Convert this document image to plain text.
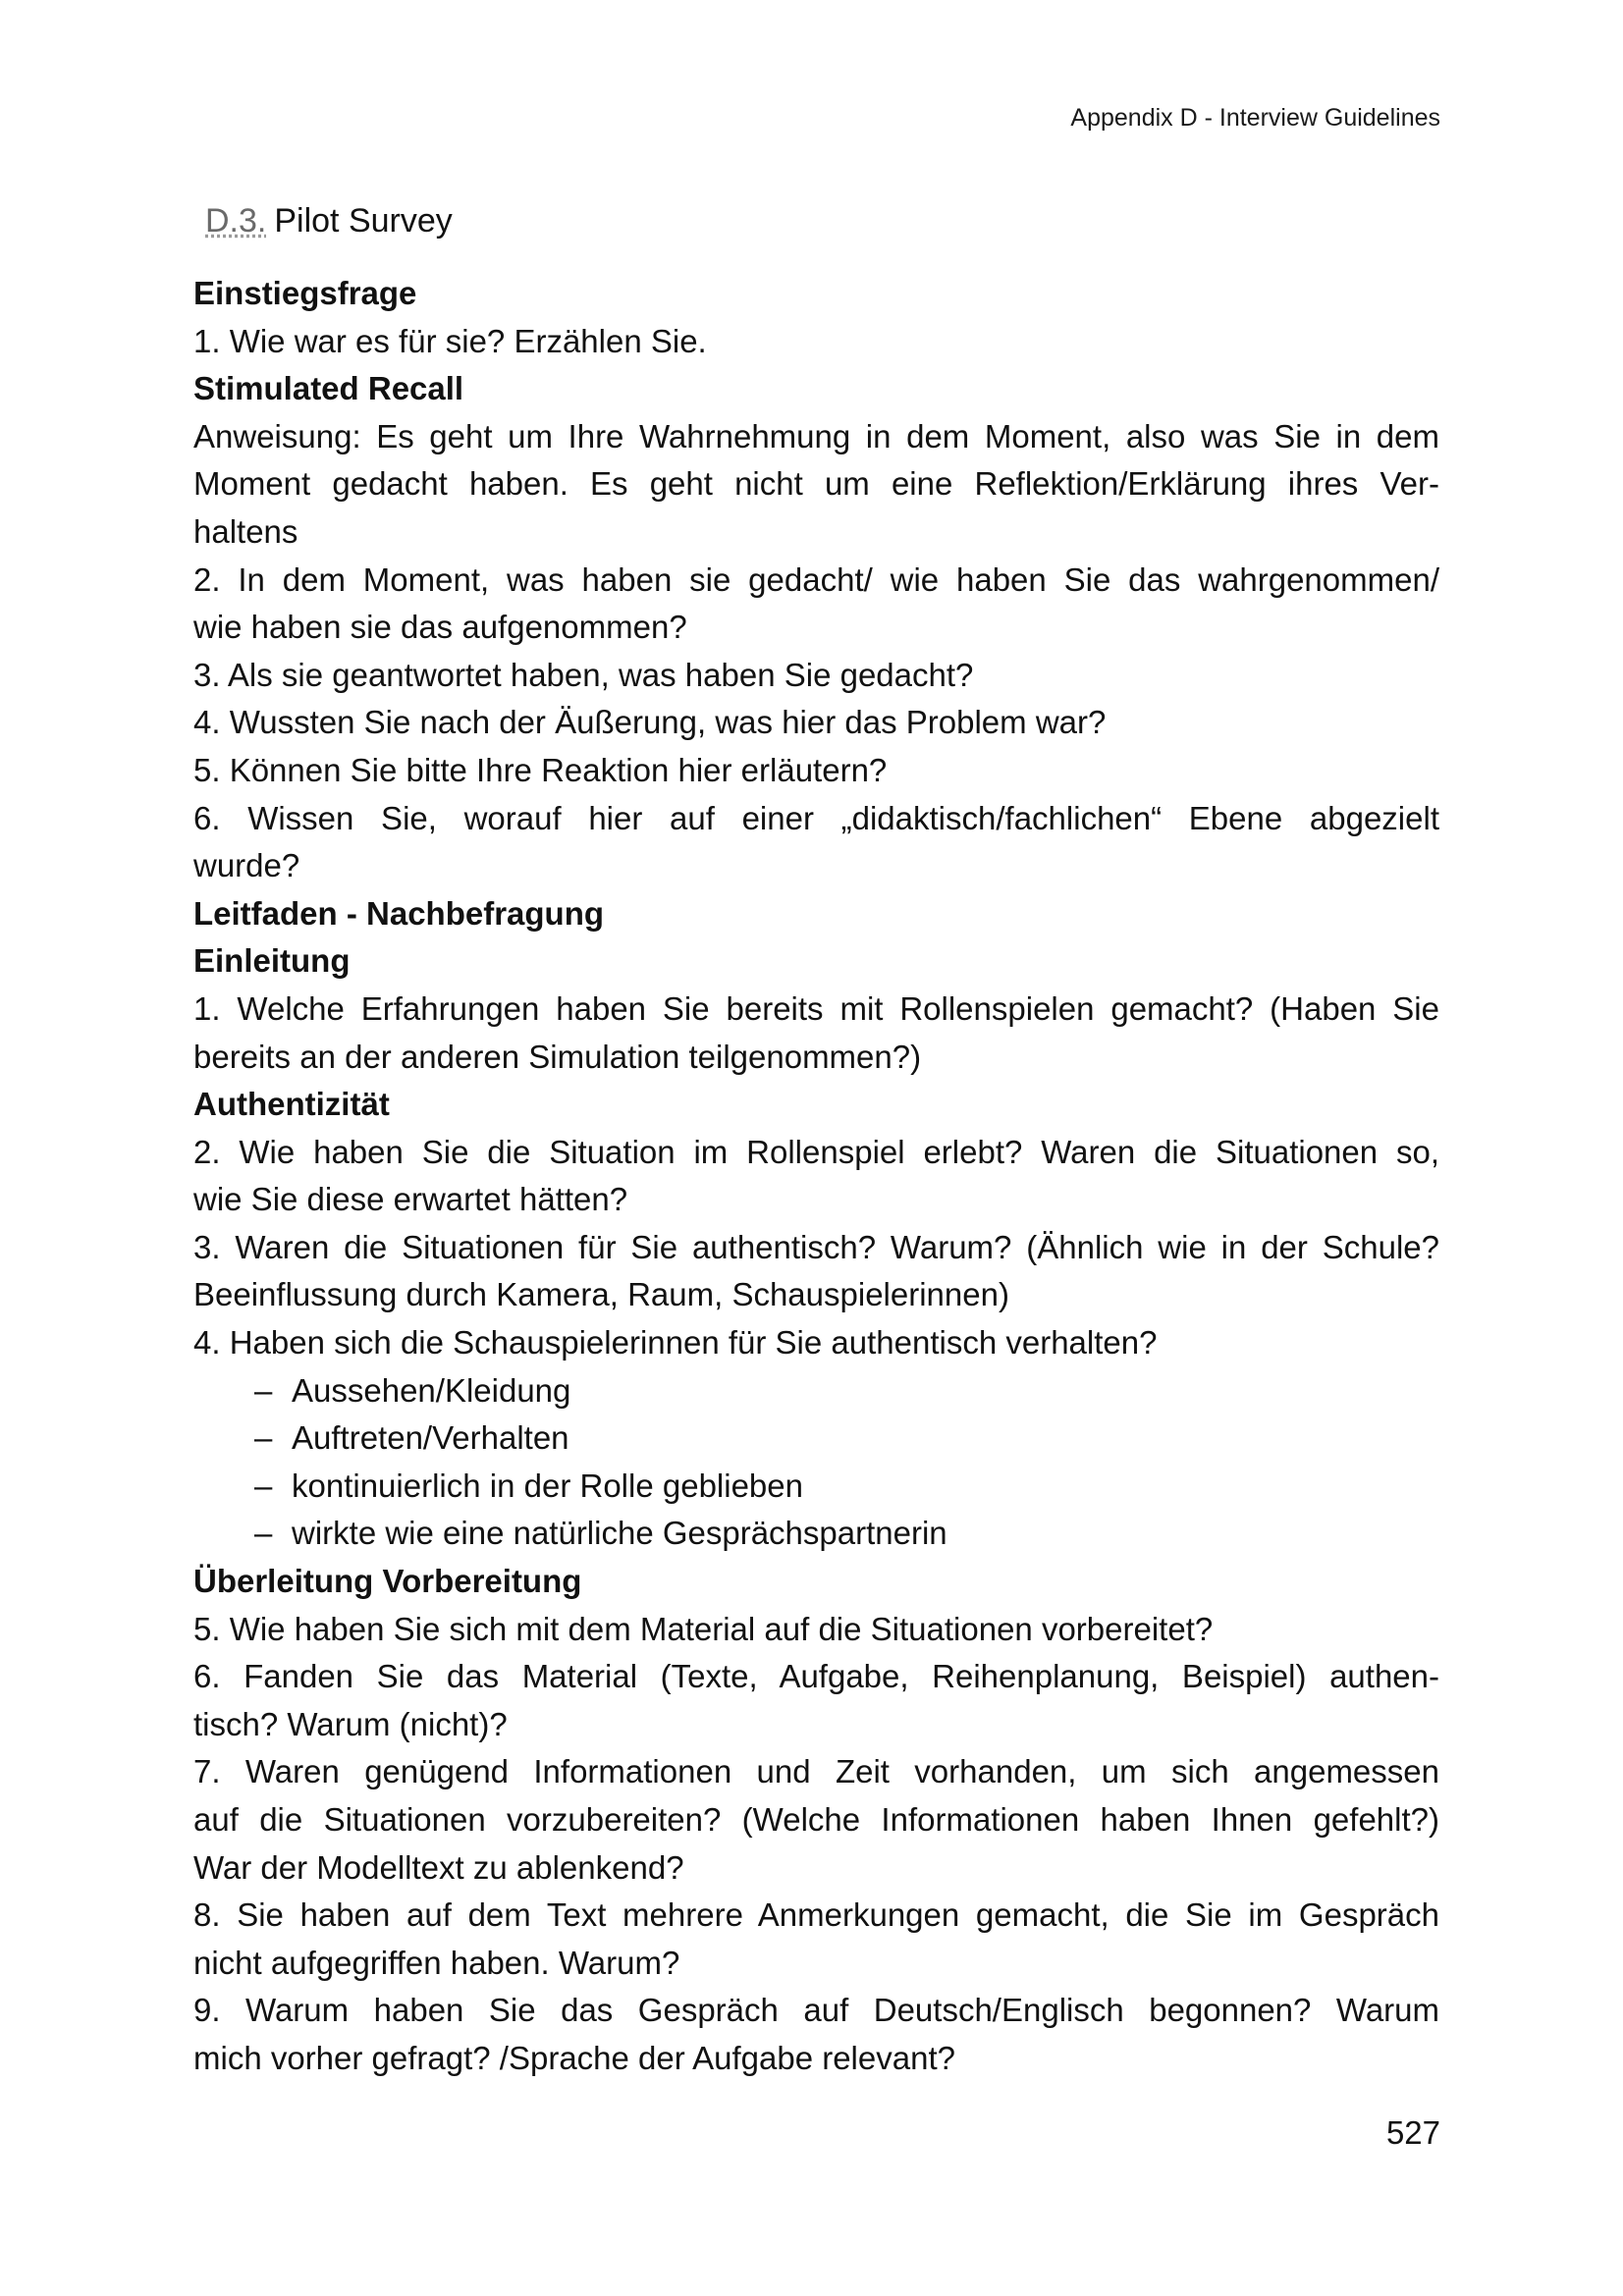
Appendix D - Interview Guidelines
D.3. Pilot Survey
Einstiegsfrage
1. Wie war es für sie? Erzählen Sie.
Stimulated Recall
Anweisung: Es geht um Ihre Wahrnehmung in dem Moment, also was Sie in dem
Moment gedacht haben. Es geht nicht um eine Reflektion/Erklärung ihres Ver-
haltens
2. In dem Moment, was haben sie gedacht/ wie haben Sie das wahrgenommen/
wie haben sie das aufgenommen?
3. Als sie geantwortet haben, was haben Sie gedacht?
4. Wussten Sie nach der Äußerung, was hier das Problem war?
5. Können Sie bitte Ihre Reaktion hier erläutern?
6. Wissen Sie, worauf hier auf einer „didaktisch/fachlichen“ Ebene abgezielt
wurde?
Leitfaden - Nachbefragung
Einleitung
1. Welche Erfahrungen haben Sie bereits mit Rollenspielen gemacht? (Haben Sie
bereits an der anderen Simulation teilgenommen?)
Authentizität
2. Wie haben Sie die Situation im Rollenspiel erlebt? Waren die Situationen so,
wie Sie diese erwartet hätten?
3. Waren die Situationen für Sie authentisch? Warum? (Ähnlich wie in der Schule?
Beeinflussung durch Kamera, Raum, Schauspielerinnen)
4. Haben sich die Schauspielerinnen für Sie authentisch verhalten?
– Aussehen/Kleidung
– Auftreten/Verhalten
– kontinuierlich in der Rolle geblieben
– wirkte wie eine natürliche Gesprächspartnerin
Überleitung Vorbereitung
5. Wie haben Sie sich mit dem Material auf die Situationen vorbereitet?
6. Fanden Sie das Material (Texte, Aufgabe, Reihenplanung, Beispiel) authen-
tisch? Warum (nicht)?
7. Waren genügend Informationen und Zeit vorhanden, um sich angemessen
auf die Situationen vorzubereiten? (Welche Informationen haben Ihnen gefehlt?)
War der Modelltext zu ablenkend?
8. Sie haben auf dem Text mehrere Anmerkungen gemacht, die Sie im Gespräch
nicht aufgegriffen haben. Warum?
9. Warum haben Sie das Gespräch auf Deutsch/Englisch begonnen? Warum
mich vorher gefragt? /Sprache der Aufgabe relevant?
527
